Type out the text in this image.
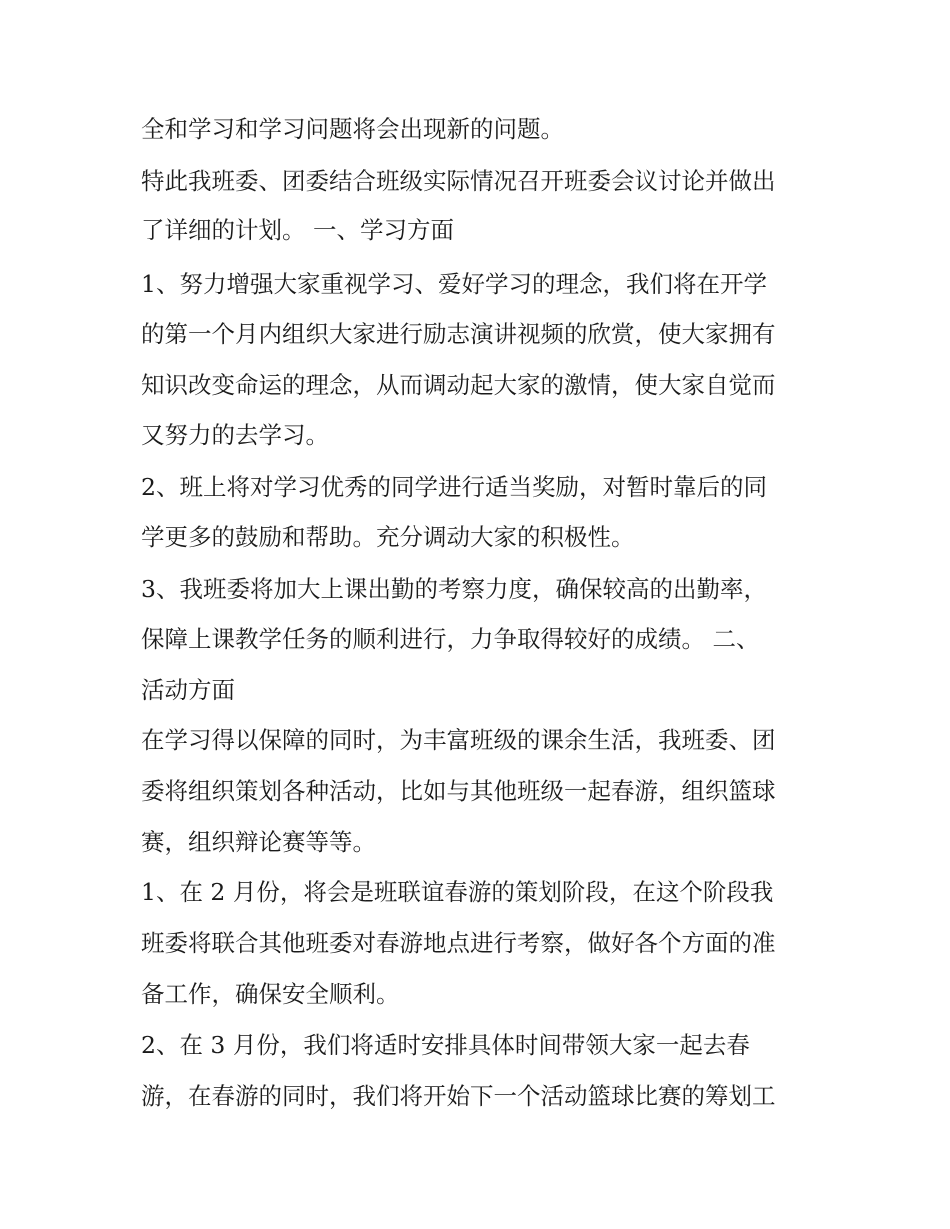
全和学习和学习问题将会出现新的问题。
特此我班委、团委结合班级实际情况召开班委会议讨论并做出
了详细的计划。 一、学习方面
1、努力增强大家重视学习、爱好学习的理念，我们将在开学
的第一个月内组织大家进行励志演讲视频的欣赏，使大家拥有
知识改变命运的理念，从而调动起大家的激情，使大家自觉而
又努力的去学习。
2、班上将对学习优秀的同学进行适当奖励，对暂时靠后的同
学更多的鼓励和帮助。充分调动大家的积极性。
3、我班委将加大上课出勤的考察力度，确保较高的出勤率，
保障上课教学任务的顺利进行，力争取得较好的成绩。 二、
活动方面
在学习得以保障的同时，为丰富班级的课余生活，我班委、团
委将组织策划各种活动，比如与其他班级一起春游，组织篮球
赛，组织辩论赛等等。
1、在 2 月份，将会是班联谊春游的策划阶段，在这个阶段我
班委将联合其他班委对春游地点进行考察，做好各个方面的准
备工作，确保安全顺利。
2、在 3 月份，我们将适时安排具体时间带领大家一起去春
游，在春游的同时，我们将开始下一个活动篮球比赛的筹划工
